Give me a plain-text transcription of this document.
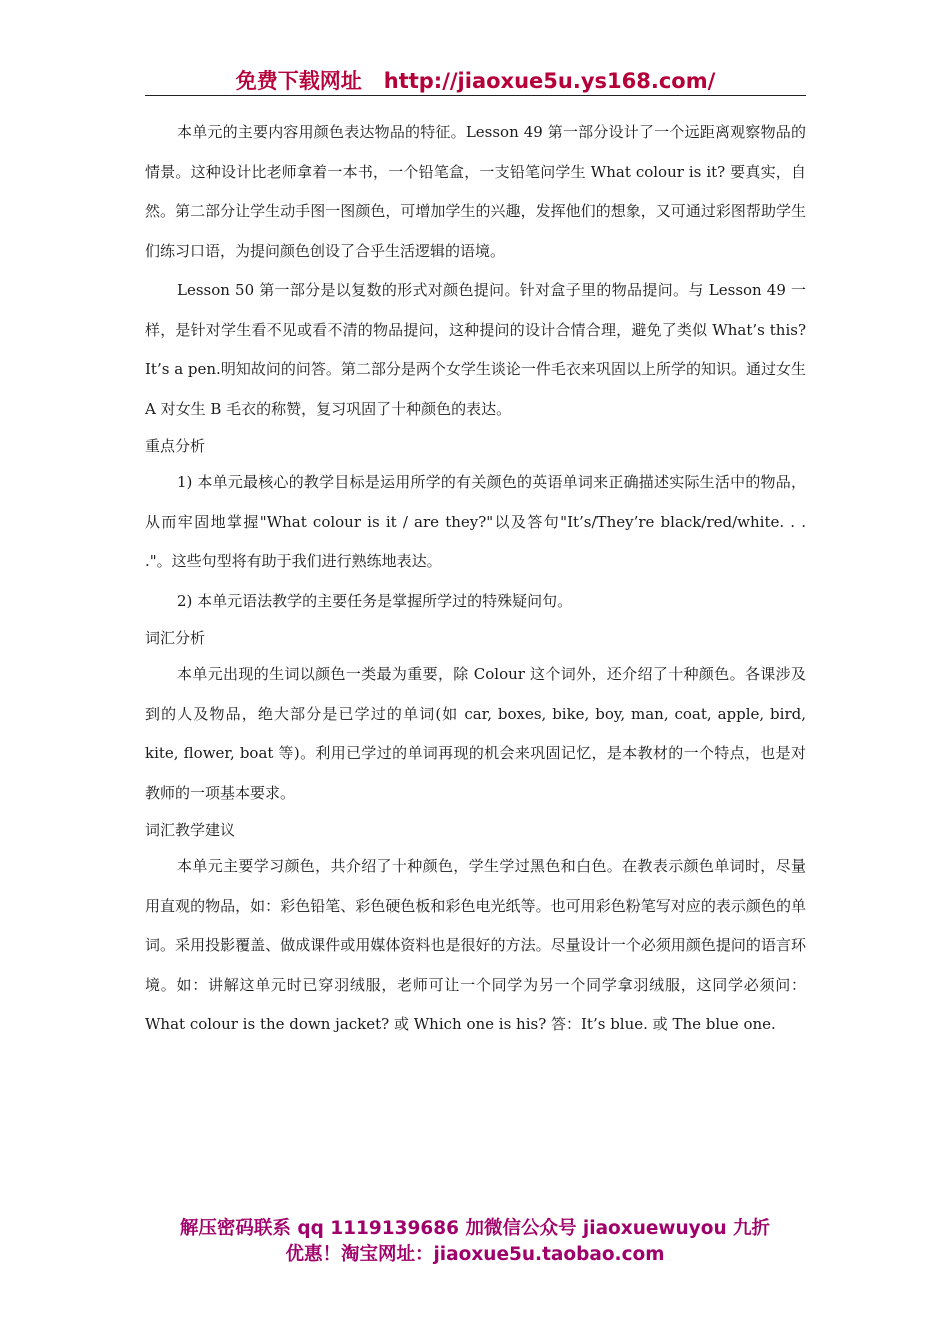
免费下载网址 http://jiaoxue5u.ys168.com/

本单元的主要内容用颜色表达物品的特征。Lesson 49 第一部分设计了一个远距离观察物品的情景。这种设计比老师拿着一本书，一个铅笔盒，一支铅笔问学生 What colour is it? 要真实，自然。第二部分让学生动手图一图颜色，可增加学生的兴趣，发挥他们的想象，又可通过彩图帮助学生们练习口语，为提问颜色创设了合乎生活逻辑的语境。

Lesson 50 第一部分是以复数的形式对颜色提问。针对盒子里的物品提问。与 Lesson 49 一样，是针对学生看不见或看不清的物品提问，这种提问的设计合情合理，避免了类似 What’s this? It’s a pen.明知故问的问答。第二部分是两个女学生谈论一件毛衣来巩固以上所学的知识。通过女生 A 对女生 B 毛衣的称赞，复习巩固了十种颜色的表达。

重点分析

1) 本单元最核心的教学目标是运用所学的有关颜色的英语单词来正确描述实际生活中的物品，从而牢固地掌握"What colour is it / are they?"以及答句"It’s/They’re black/red/white. . . ."。这些句型将有助于我们进行熟练地表达。

2) 本单元语法教学的主要任务是掌握所学过的特殊疑问句。

词汇分析

本单元出现的生词以颜色一类最为重要，除 Colour 这个词外，还介绍了十种颜色。各课涉及到的人及物品，绝大部分是已学过的单词(如 car, boxes, bike, boy, man, coat, apple, bird, kite, flower, boat 等)。利用已学过的单词再现的机会来巩固记忆，是本教材的一个特点，也是对教师的一项基本要求。

词汇教学建议

本单元主要学习颜色，共介绍了十种颜色，学生学过黑色和白色。在教表示颜色单词时，尽量用直观的物品，如：彩色铅笔、彩色硬色板和彩色电光纸等。也可用彩色粉笔写对应的表示颜色的单词。采用投影覆盖、做成课件或用媒体资料也是很好的方法。尽量设计一个必须用颜色提问的语言环境。如：讲解这单元时已穿羽绒服，老师可让一个同学为另一个同学拿羽绒服，这同学必须问：What colour is the down jacket? 或 Which one is his? 答：It’s blue. 或 The blue one.

解压密码联系 qq 1119139686 加微信公众号 jiaoxuewuyou 九折
优惠！淘宝网址：jiaoxue5u.taobao.com
